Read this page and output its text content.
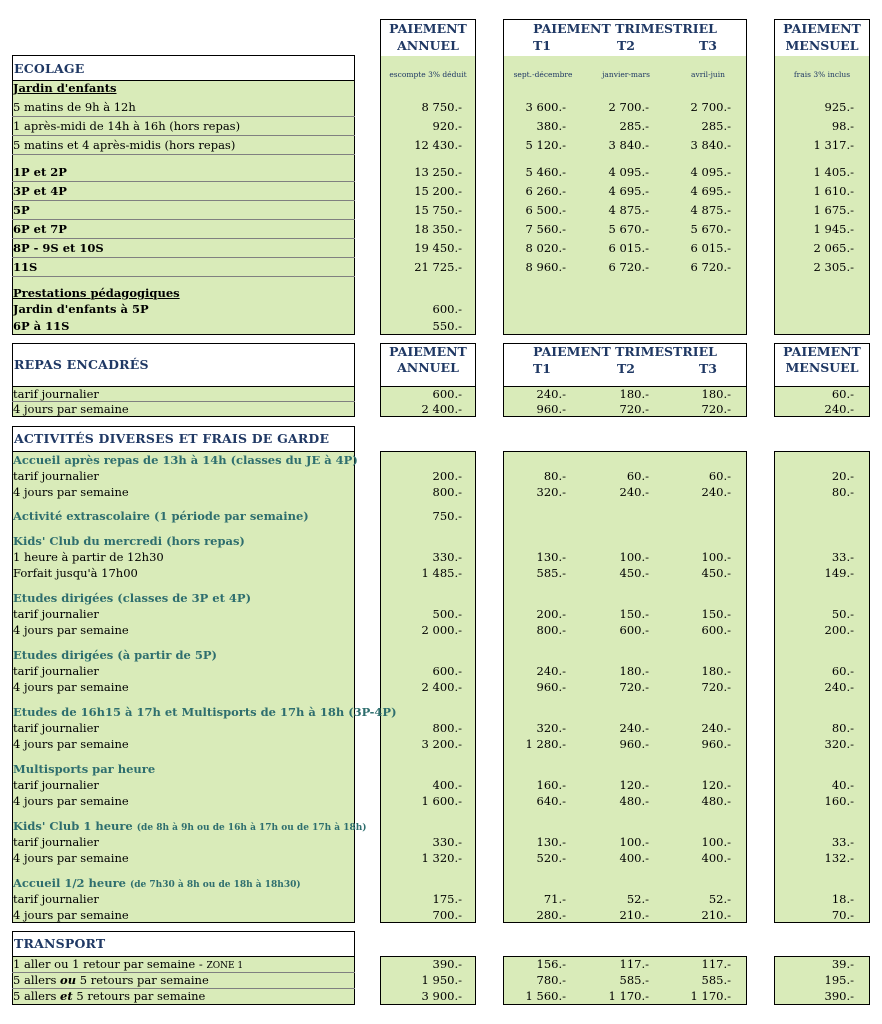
PAIEMENT
ANNUEL
PAIEMENT TRIMESTRIEL
T1	T2	T3
PAIEMENT
MENSUEL
escompte 3% déduit	sept.-décembre	janvier-mars	avril-juin	frais 3% inclus
ECOLAGE
Jardin d'enfants
5 matins de 9h à 12h	8 750.-	3 600.-	2 700.-	2 700.-	925.-
1 après-midi de 14h à 16h (hors repas)	920.-	380.-	285.-	285.-	98.-
5 matins et 4 après-midis (hors repas)	12 430.-	5 120.-	3 840.-	3 840.-	1 317.-
1P et 2P	13 250.-	5 460.-	4 095.-	4 095.-	1 405.-
3P et 4P	15 200.-	6 260.-	4 695.-	4 695.-	1 610.-
5P	15 750.-	6 500.-	4 875.-	4 875.-	1 675.-
6P et 7P	18 350.-	7 560.-	5 670.-	5 670.-	1 945.-
8P - 9S et 10S	19 450.-	8 020.-	6 015.-	6 015.-	2 065.-
11S	21 725.-	8 960.-	6 720.-	6 720.-	2 305.-
Prestations pédagogiques
Jardin d'enfants à 5P	600.-
6P à 11S	550.-
REPAS ENCADRÉS
PAIEMENT
ANNUEL
PAIEMENT TRIMESTRIEL
T1	T2	T3
PAIEMENT
MENSUEL
tarif journalier	600.-	240.-	180.-	180.-	60.-
4 jours par semaine	2 400.-	960.-	720.-	720.-	240.-
ACTIVITÉS DIVERSES ET FRAIS DE GARDE
Accueil après repas de 13h à 14h (classes du JE à 4P)
tarif journalier	200.-	80.-	60.-	60.-	20.-
4 jours par semaine	800.-	320.-	240.-	240.-	80.-
Activité extrascolaire (1 période par semaine)	750.-
Kids' Club du mercredi (hors repas)
1 heure à partir de 12h30	330.-	130.-	100.-	100.-	33.-
Forfait jusqu'à 17h00	1 485.-	585.-	450.-	450.-	149.-
Etudes dirigées (classes de 3P et 4P)
tarif journalier	500.-	200.-	150.-	150.-	50.-
4 jours par semaine	2 000.-	800.-	600.-	600.-	200.-
Etudes dirigées (à partir de 5P)
tarif journalier	600.-	240.-	180.-	180.-	60.-
4 jours par semaine	2 400.-	960.-	720.-	720.-	240.-
Etudes de 16h15 à 17h et Multisports de 17h à 18h (3P-4P)
tarif journalier	800.-	320.-	240.-	240.-	80.-
4 jours par semaine	3 200.-	1 280.-	960.-	960.-	320.-
Multisports par heure
tarif journalier	400.-	160.-	120.-	120.-	40.-
4 jours par semaine	1 600.-	640.-	480.-	480.-	160.-
Kids' Club 1 heure (de 8h à 9h ou de 16h à 17h ou de 17h à 18h)
tarif journalier	330.-	130.-	100.-	100.-	33.-
4 jours par semaine	1 320.-	520.-	400.-	400.-	132.-
Accueil 1/2 heure (de 7h30 à 8h ou de 18h à 18h30)
tarif journalier	175.-	71.-	52.-	52.-	18.-
4 jours par semaine	700.-	280.-	210.-	210.-	70.-
TRANSPORT
1 aller ou 1 retour par semaine - ZONE 1	390.-	156.-	117.-	117.-	39.-
5 allers ou 5 retours par semaine	1 950.-	780.-	585.-	585.-	195.-
5 allers et 5 retours par semaine	3 900.-	1 560.-	1 170.-	1 170.-	390.-
